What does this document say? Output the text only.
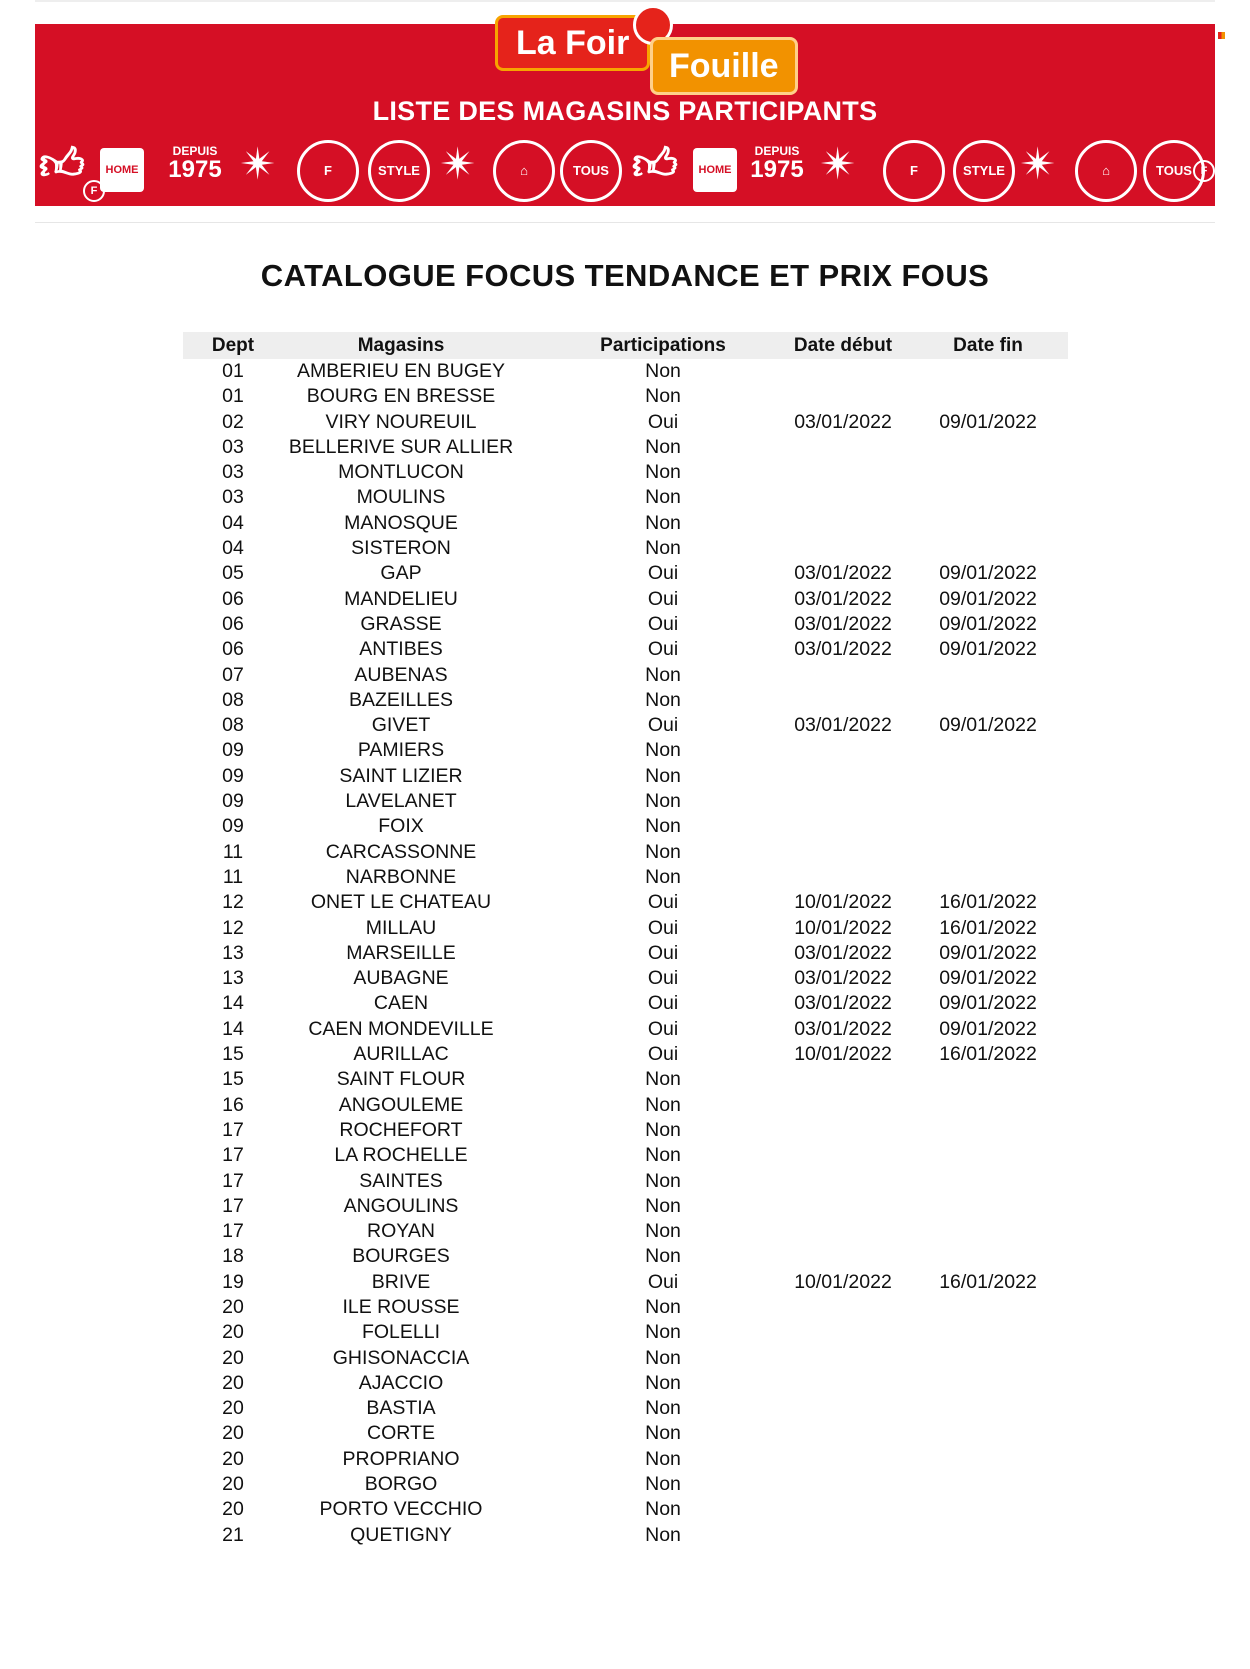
La Foir
Fouille
LISTE DES MAGASINS PARTICIPANTS
👍︎	HOME
DEPUIS
1975 ✴	F	STYLE ✴	⌂	TOUS 👍︎	HOME
DEPUIS
1975 ✴	F	STYLE ✴	⌂	TOUS
F
F
CATALOGUE FOCUS TENDANCE ET PRIX FOUS
Dept	Magasins	Participations	Date début	Date fin
01	AMBERIEU EN BUGEY	Non
01	BOURG EN BRESSE	Non
02	VIRY NOUREUIL	Oui	03/01/2022	09/01/2022
03	BELLERIVE SUR ALLIER	Non
03	MONTLUCON	Non
03	MOULINS	Non
04	MANOSQUE	Non
04	SISTERON	Non
05	GAP	Oui	03/01/2022	09/01/2022
06	MANDELIEU	Oui	03/01/2022	09/01/2022
06	GRASSE	Oui	03/01/2022	09/01/2022
06	ANTIBES	Oui	03/01/2022	09/01/2022
07	AUBENAS	Non
08	BAZEILLES	Non
08	GIVET	Oui	03/01/2022	09/01/2022
09	PAMIERS	Non
09	SAINT LIZIER	Non
09	LAVELANET	Non
09	FOIX	Non
11	CARCASSONNE	Non
11	NARBONNE	Non
12	ONET LE CHATEAU	Oui	10/01/2022	16/01/2022
12	MILLAU	Oui	10/01/2022	16/01/2022
13	MARSEILLE	Oui	03/01/2022	09/01/2022
13	AUBAGNE	Oui	03/01/2022	09/01/2022
14	CAEN	Oui	03/01/2022	09/01/2022
14	CAEN MONDEVILLE	Oui	03/01/2022	09/01/2022
15	AURILLAC	Oui	10/01/2022	16/01/2022
15	SAINT FLOUR	Non
16	ANGOULEME	Non
17	ROCHEFORT	Non
17	LA ROCHELLE	Non
17	SAINTES	Non
17	ANGOULINS	Non
17	ROYAN	Non
18	BOURGES	Non
19	BRIVE	Oui	10/01/2022	16/01/2022
20	ILE ROUSSE	Non
20	FOLELLI	Non
20	GHISONACCIA	Non
20	AJACCIO	Non
20	BASTIA	Non
20	CORTE	Non
20	PROPRIANO	Non
20	BORGO	Non
20	PORTO VECCHIO	Non
21	QUETIGNY	Non
